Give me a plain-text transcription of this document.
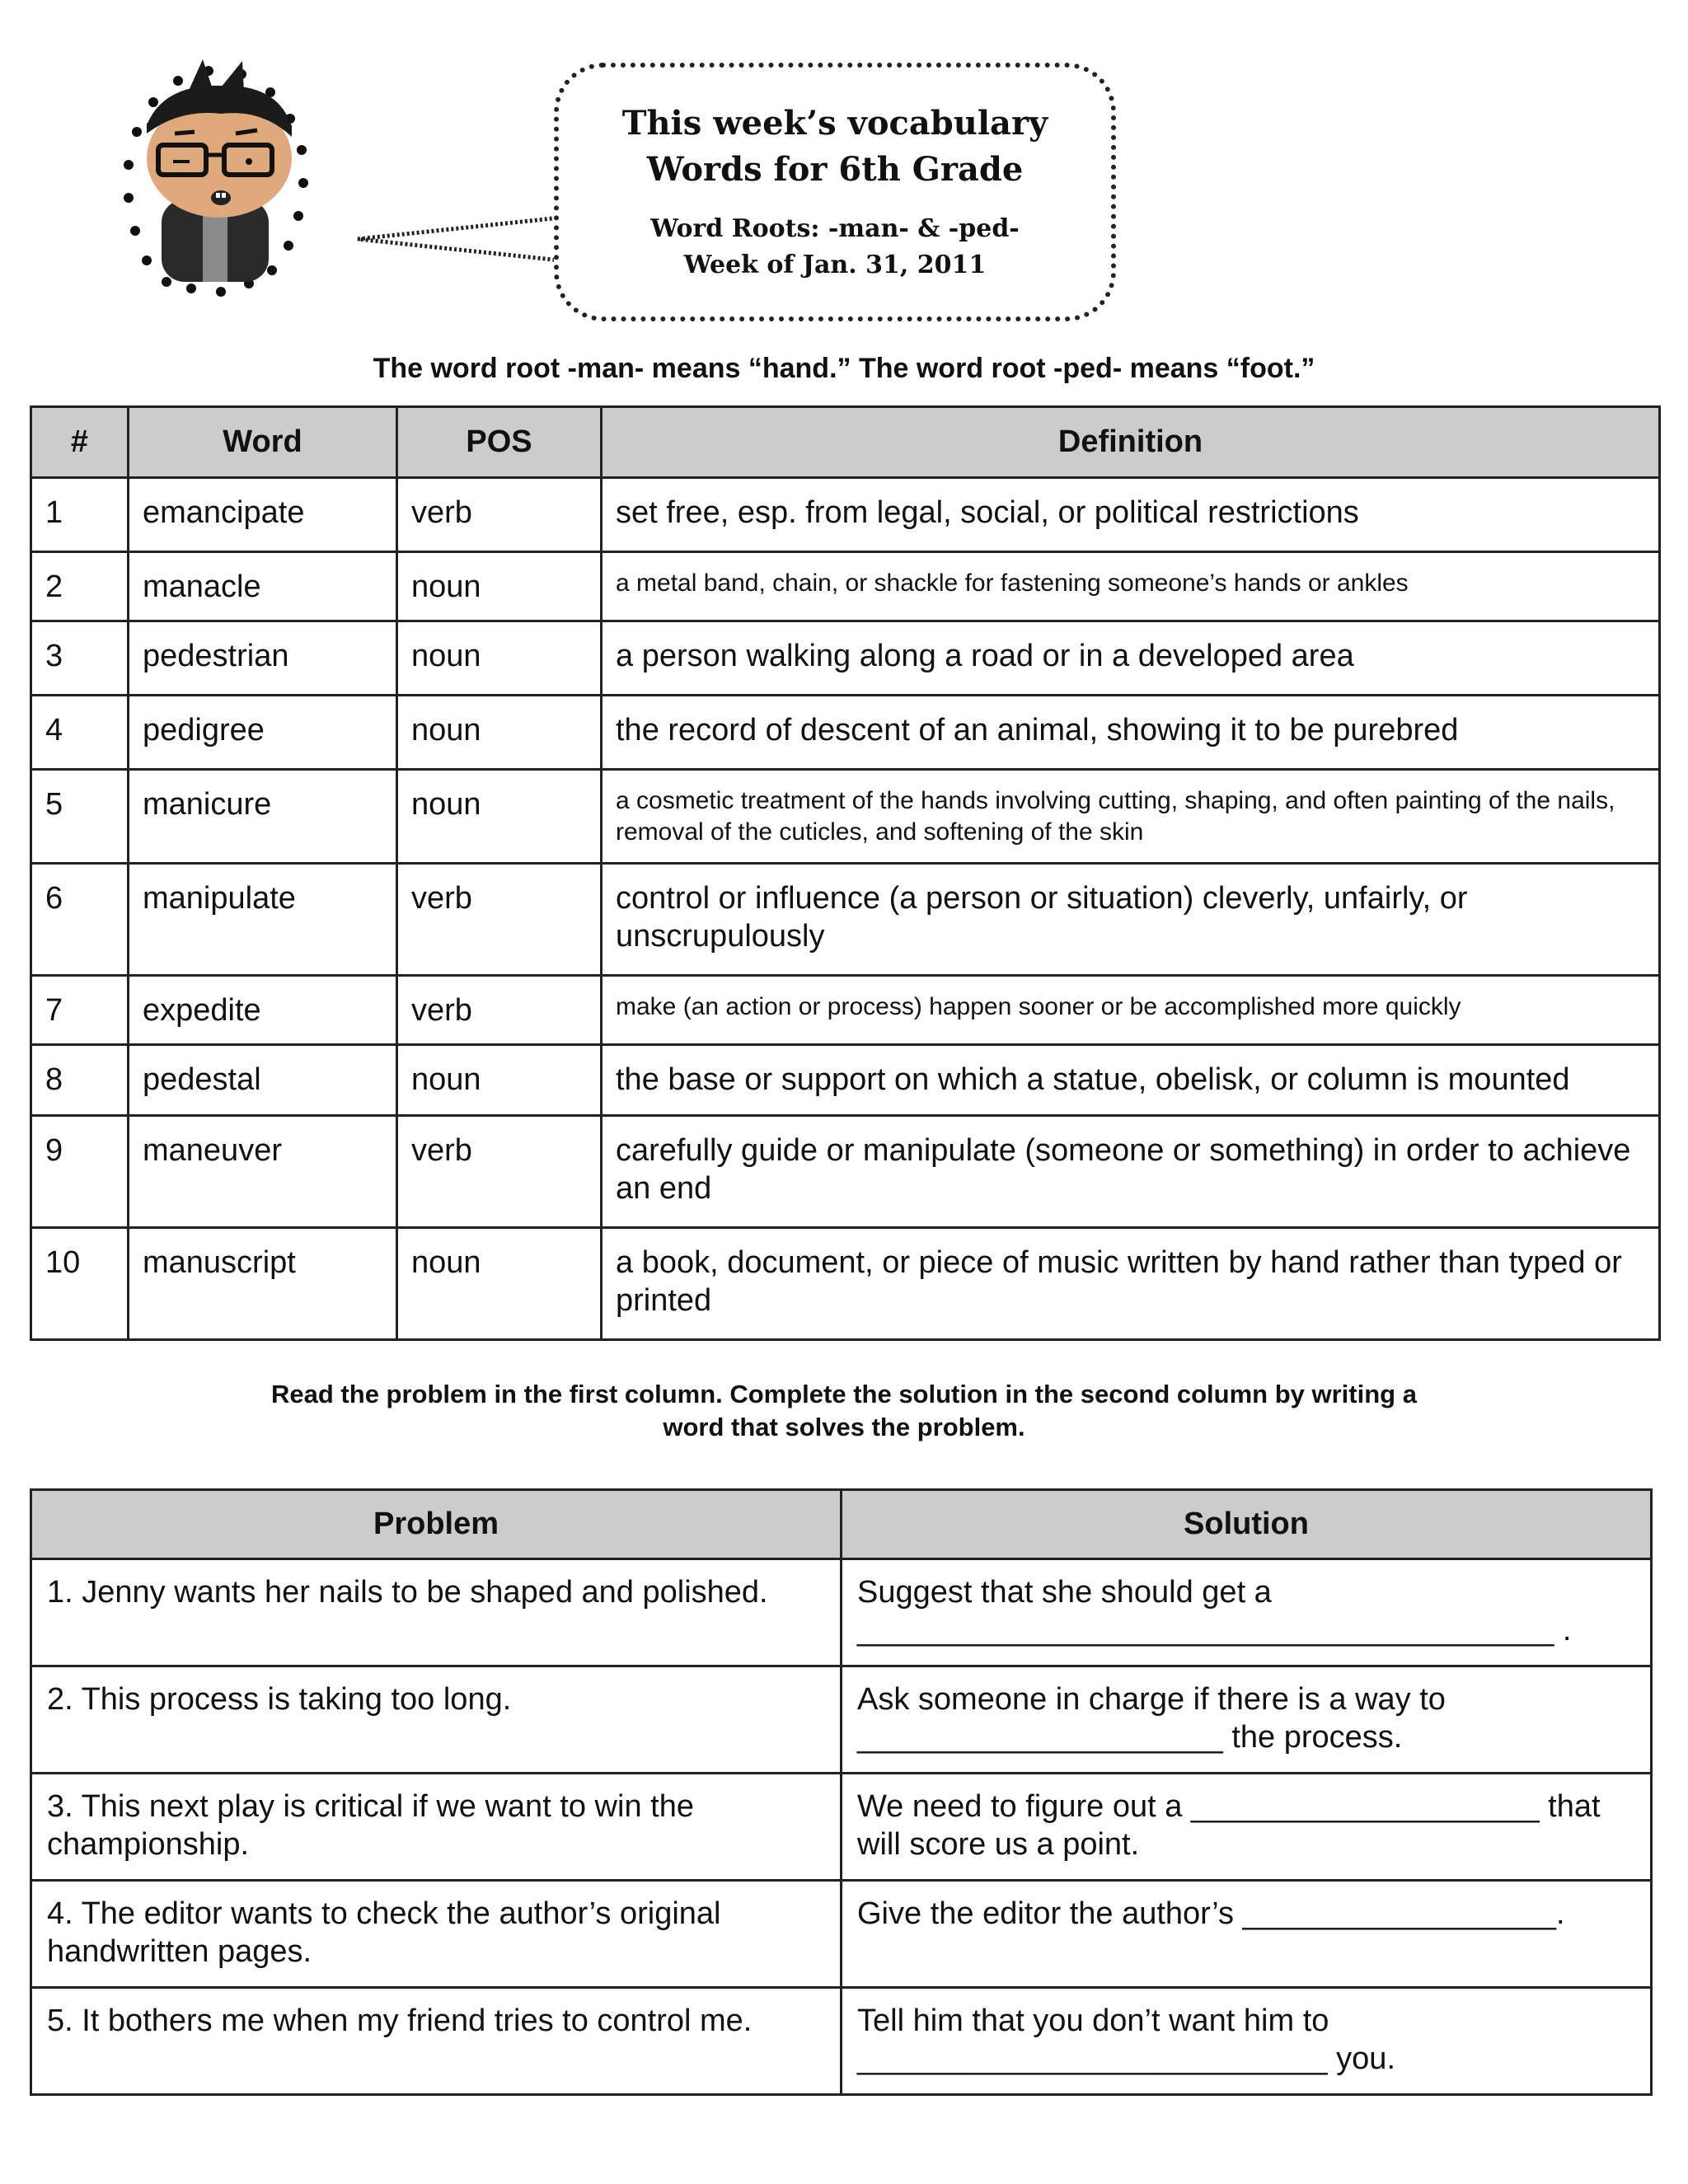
This week’s vocabulary
Words for 6th Grade
Word Roots: -man- & -ped-
Week of Jan. 31, 2011
The word root -man- means “hand.” The word root -ped- means “foot.”
#	Word	POS	Definition
1	emancipate	verb	set free, esp. from legal, social, or political restrictions
2	manacle	noun	a metal band, chain, or shackle for fastening someone’s hands or ankles
3	pedestrian	noun	a person walking along a road or in a developed area
4	pedigree	noun	the record of descent of an animal, showing it to be purebred
5	manicure	noun	a cosmetic treatment of the hands involving cutting, shaping, and often painting of the nails, removal of the cuticles, and softening of the skin
6	manipulate	verb	control or influence (a person or situation) cleverly, unfairly, or unscrupulously
7	expedite	verb	make (an action or process) happen sooner or be accomplished more quickly
8	pedestal	noun	the base or support on which a statue, obelisk, or column is mounted
9	maneuver	verb	carefully guide or manipulate (someone or something) in order to achieve an end
10	manuscript	noun	a book, document, or piece of music written by hand rather than typed or printed
Read the problem in the first column. Complete the solution in the second column by writing a
word that solves the problem.
Problem	Solution
1. Jenny wants her nails to be shaped and polished.	Suggest that she should get a
________________________________________ .

2. This process is taking too long.	Ask someone in charge if there is a way to
_____________________ the process.

3. This next play is critical if we want to win the championship.	We need to figure out a ____________________ that
will score us a point.

4. The editor wants to check the author’s original handwritten pages.	Give the editor the author’s __________________.

5. It bothers me when my friend tries to control me.	Tell him that you don’t want him to
___________________________ you.
